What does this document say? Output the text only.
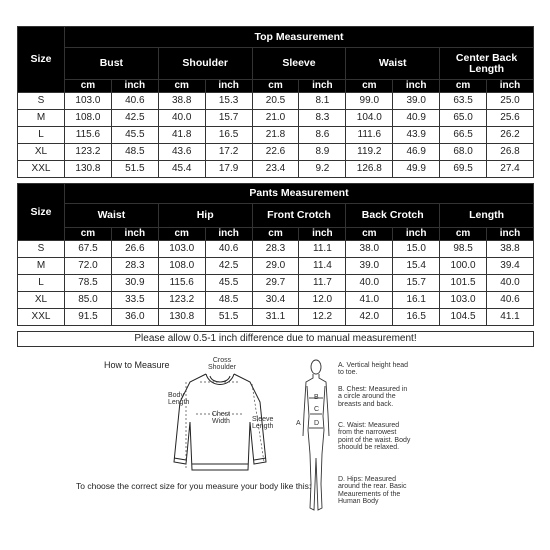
Size	Top Measurement									
	Bust		Shoulder		Sleeve		Waist		Center Back Length	
	cm	inch	cm	inch	cm	inch	cm	inch	cm	inch
S	103.0	40.6	38.8	15.3	20.5	8.1	99.0	39.0	63.5	25.0
M	108.0	42.5	40.0	15.7	21.0	8.3	104.0	40.9	65.0	25.6
L	115.6	45.5	41.8	16.5	21.8	8.6	111.6	43.9	66.5	26.2
XL	123.2	48.5	43.6	17.2	22.6	8.9	119.2	46.9	68.0	26.8
XXL	130.8	51.5	45.4	17.9	23.4	9.2	126.8	49.9	69.5	27.4
Size	Pants Measurement									
	Waist		Hip		Front Crotch		Back Crotch		Length	
	cm	inch	cm	inch	cm	inch	cm	inch	cm	inch
S	67.5	26.6	103.0	40.6	28.3	11.1	38.0	15.0	98.5	38.8
M	72.0	28.3	108.0	42.5	29.0	11.4	39.0	15.4	100.0	39.4
L	78.5	30.9	115.6	45.5	29.7	11.7	40.0	15.7	101.5	40.0
XL	85.0	33.5	123.2	48.5	30.4	12.0	41.0	16.1	103.0	40.6
XXL	91.5	36.0	130.8	51.5	31.1	12.2	42.0	16.5	104.5	41.1
Please allow 0.5-1 inch difference due to manual measurement!
How to Measure	Cross Shoulder
Body Length
Chest Width	Sleeve Length	A
B
C
D
A. Vertical height head to toe.
B. Chest: Measured in a circle around the breasts and back.
C. Waist: Measured from the narrowest point of the waist. Body shoould be relaxed.
D. Hips: Measured around the rear. Basic Meaurements of the Human Body
To choose the correct size for you measure your body like this:
